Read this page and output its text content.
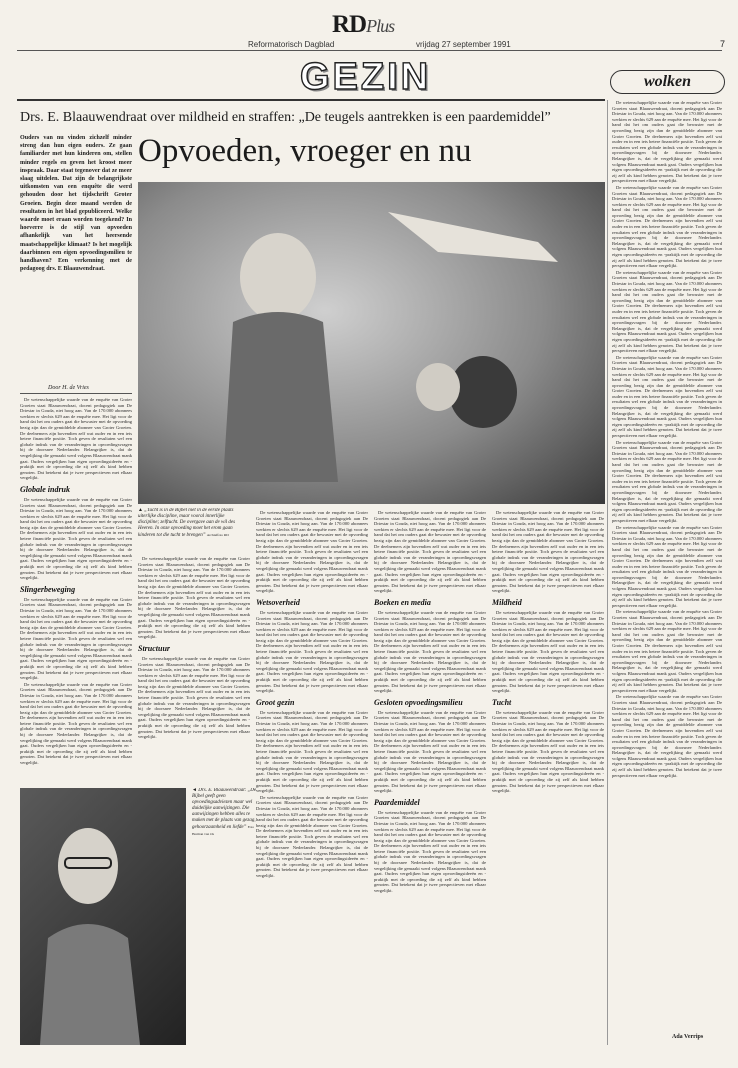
RDPlus
Reformatorisch Dagblad	vrijdag 27 september 1991	7
GEZIN	wolken
Drs. E. Blaauwendraat over mildheid en straffen: „De teugels aantrekken is een paardemiddel”
Ouders van nu vinden zichzelf minder streng dan hun eigen ouders. Ze gaan familiarder met hun kinderen om, stellen minder regels en geven het kroost meer inspraak. Daar staat tegenover dat ze meer slaag uitdelen. Dat zijn de belangrijkste uitkomsten van een enquête die werd gehouden door het tijdschrift Groter Groeien. Begin deze maand werden de resultaten in het blad gepubliceerd. Welke waarde moet eraan worden toegekend? In hoeverre is de stijl van opvoeden afhankelijk van het heersende maatschappelijke klimaat? Is het mogelijk daarbinnen een eigen opvoedingsmilieu te handhaven? Een verkenning met de pedagoog drs. E Blaauwendraat.
Door H. de Vries
Opvoeden, vroeger en nu
▲ „Tucht is in de Bijbel niet in de eerste plaats uiterlijke discipline, maar vooral innerlijke discipline; zelftucht. De overgave aan de wil des Heeren. In onze opvoeding moet het erom gaan kinderen tot die tucht te brengen” Archieffoto RD

De wetenschappelijke waarde van de enquête van Groter Groeien staat Blaauwendraat, docent pedagogiek aan De Driestar in Gouda, niet hoog aan. Van de 170.000 abonnees werkten er slechts 629 aan de enquête mee. Het ligt voor de hand dat het om ouders gaat die bewuster met de opvoeding bezig zijn dan de gemiddelde abonnee van Groter Groeien. De deelnemers zijn bovendien zelf wat ouder en in een iets betere financiële positie. Toch geven de resultaten wel een globale indruk van de veranderingen in opvoedingsvragen bij de doorsnee Nederlander. Belangrijker is, dat de vergelijking die gemaakt werd volgens Blaauwendraat mank gaat. Ouders vergelijken hun eigen opvoedingsideeën en -praktijk met de opvoeding die zij zelf als kind hebben genoten. Dat betekent dat je twee perspectieven met elkaar vergelijkt.

Globale indruk

De wetenschappelijke waarde van de enquête van Groter Groeien staat Blaauwendraat, docent pedagogiek aan De Driestar in Gouda, niet hoog aan. Van de 170.000 abonnees werkten er slechts 629 aan de enquête mee. Het ligt voor de hand dat het om ouders gaat die bewuster met de opvoeding bezig zijn dan de gemiddelde abonnee van Groter Groeien. De deelnemers zijn bovendien zelf wat ouder en in een iets betere financiële positie. Toch geven de resultaten wel een globale indruk van de veranderingen in opvoedingsvragen bij de doorsnee Nederlander. Belangrijker is, dat de vergelijking die gemaakt werd volgens Blaauwendraat mank gaat. Ouders vergelijken hun eigen opvoedingsideeën en -praktijk met de opvoeding die zij zelf als kind hebben genoten. Dat betekent dat je twee perspectieven met elkaar vergelijkt.

Slingerbeweging

De wetenschappelijke waarde van de enquête van Groter Groeien staat Blaauwendraat, docent pedagogiek aan De Driestar in Gouda, niet hoog aan. Van de 170.000 abonnees werkten er slechts 629 aan de enquête mee. Het ligt voor de hand dat het om ouders gaat die bewuster met de opvoeding bezig zijn dan de gemiddelde abonnee van Groter Groeien. De deelnemers zijn bovendien zelf wat ouder en in een iets betere financiële positie. Toch geven de resultaten wel een globale indruk van de veranderingen in opvoedingsvragen bij de doorsnee Nederlander. Belangrijker is, dat de vergelijking die gemaakt werd volgens Blaauwendraat mank gaat. Ouders vergelijken hun eigen opvoedingsideeën en -praktijk met de opvoeding die zij zelf als kind hebben genoten. Dat betekent dat je twee perspectieven met elkaar vergelijkt.

De wetenschappelijke waarde van de enquête van Groter Groeien staat Blaauwendraat, docent pedagogiek aan De Driestar in Gouda, niet hoog aan. Van de 170.000 abonnees werkten er slechts 629 aan de enquête mee. Het ligt voor de hand dat het om ouders gaat die bewuster met de opvoeding bezig zijn dan de gemiddelde abonnee van Groter Groeien. De deelnemers zijn bovendien zelf wat ouder en in een iets betere financiële positie. Toch geven de resultaten wel een globale indruk van de veranderingen in opvoedingsvragen bij de doorsnee Nederlander. Belangrijker is, dat de vergelijking die gemaakt werd volgens Blaauwendraat mank gaat. Ouders vergelijken hun eigen opvoedingsideeën en -praktijk met de opvoeding die zij zelf als kind hebben genoten. Dat betekent dat je twee perspectieven met elkaar vergelijkt.

◄ Drs. E. Blaauwendraat: „De Bijbel geeft geen opvoedingsadviezen maar wel duidelijke aanwijzingen. Die aanwijzingen hebben alles te maken met de plaats van gezag, gehoorzaamheid en liefde” Foto Herman van Os

De wetenschappelijke waarde van de enquête van Groter Groeien staat Blaauwendraat, docent pedagogiek aan De Driestar in Gouda, niet hoog aan. Van de 170.000 abonnees werkten er slechts 629 aan de enquête mee. Het ligt voor de hand dat het om ouders gaat die bewuster met de opvoeding bezig zijn dan de gemiddelde abonnee van Groter Groeien. De deelnemers zijn bovendien zelf wat ouder en in een iets betere financiële positie. Toch geven de resultaten wel een globale indruk van de veranderingen in opvoedingsvragen bij de doorsnee Nederlander. Belangrijker is, dat de vergelijking die gemaakt werd volgens Blaauwendraat mank gaat. Ouders vergelijken hun eigen opvoedingsideeën en -praktijk met de opvoeding die zij zelf als kind hebben genoten. Dat betekent dat je twee perspectieven met elkaar vergelijkt.

Structuur

De wetenschappelijke waarde van de enquête van Groter Groeien staat Blaauwendraat, docent pedagogiek aan De Driestar in Gouda, niet hoog aan. Van de 170.000 abonnees werkten er slechts 629 aan de enquête mee. Het ligt voor de hand dat het om ouders gaat die bewuster met de opvoeding bezig zijn dan de gemiddelde abonnee van Groter Groeien. De deelnemers zijn bovendien zelf wat ouder en in een iets betere financiële positie. Toch geven de resultaten wel een globale indruk van de veranderingen in opvoedingsvragen bij de doorsnee Nederlander. Belangrijker is, dat de vergelijking die gemaakt werd volgens Blaauwendraat mank gaat. Ouders vergelijken hun eigen opvoedingsideeën en -praktijk met de opvoeding die zij zelf als kind hebben genoten. Dat betekent dat je twee perspectieven met elkaar vergelijkt.

De wetenschappelijke waarde van de enquête van Groter Groeien staat Blaauwendraat, docent pedagogiek aan De Driestar in Gouda, niet hoog aan. Van de 170.000 abonnees werkten er slechts 629 aan de enquête mee. Het ligt voor de hand dat het om ouders gaat die bewuster met de opvoeding bezig zijn dan de gemiddelde abonnee van Groter Groeien. De deelnemers zijn bovendien zelf wat ouder en in een iets betere financiële positie. Toch geven de resultaten wel een globale indruk van de veranderingen in opvoedingsvragen bij de doorsnee Nederlander. Belangrijker is, dat de vergelijking die gemaakt werd volgens Blaauwendraat mank gaat. Ouders vergelijken hun eigen opvoedingsideeën en -praktijk met de opvoeding die zij zelf als kind hebben genoten. Dat betekent dat je twee perspectieven met elkaar vergelijkt.

Wetsoverheid

De wetenschappelijke waarde van de enquête van Groter Groeien staat Blaauwendraat, docent pedagogiek aan De Driestar in Gouda, niet hoog aan. Van de 170.000 abonnees werkten er slechts 629 aan de enquête mee. Het ligt voor de hand dat het om ouders gaat die bewuster met de opvoeding bezig zijn dan de gemiddelde abonnee van Groter Groeien. De deelnemers zijn bovendien zelf wat ouder en in een iets betere financiële positie. Toch geven de resultaten wel een globale indruk van de veranderingen in opvoedingsvragen bij de doorsnee Nederlander. Belangrijker is, dat de vergelijking die gemaakt werd volgens Blaauwendraat mank gaat. Ouders vergelijken hun eigen opvoedingsideeën en -praktijk met de opvoeding die zij zelf als kind hebben genoten. Dat betekent dat je twee perspectieven met elkaar vergelijkt.

Groot gezin

De wetenschappelijke waarde van de enquête van Groter Groeien staat Blaauwendraat, docent pedagogiek aan De Driestar in Gouda, niet hoog aan. Van de 170.000 abonnees werkten er slechts 629 aan de enquête mee. Het ligt voor de hand dat het om ouders gaat die bewuster met de opvoeding bezig zijn dan de gemiddelde abonnee van Groter Groeien. De deelnemers zijn bovendien zelf wat ouder en in een iets betere financiële positie. Toch geven de resultaten wel een globale indruk van de veranderingen in opvoedingsvragen bij de doorsnee Nederlander. Belangrijker is, dat de vergelijking die gemaakt werd volgens Blaauwendraat mank gaat. Ouders vergelijken hun eigen opvoedingsideeën en -praktijk met de opvoeding die zij zelf als kind hebben genoten. Dat betekent dat je twee perspectieven met elkaar vergelijkt.

De wetenschappelijke waarde van de enquête van Groter Groeien staat Blaauwendraat, docent pedagogiek aan De Driestar in Gouda, niet hoog aan. Van de 170.000 abonnees werkten er slechts 629 aan de enquête mee. Het ligt voor de hand dat het om ouders gaat die bewuster met de opvoeding bezig zijn dan de gemiddelde abonnee van Groter Groeien. De deelnemers zijn bovendien zelf wat ouder en in een iets betere financiële positie. Toch geven de resultaten wel een globale indruk van de veranderingen in opvoedingsvragen bij de doorsnee Nederlander. Belangrijker is, dat de vergelijking die gemaakt werd volgens Blaauwendraat mank gaat. Ouders vergelijken hun eigen opvoedingsideeën en -praktijk met de opvoeding die zij zelf als kind hebben genoten. Dat betekent dat je twee perspectieven met elkaar vergelijkt.

De wetenschappelijke waarde van de enquête van Groter Groeien staat Blaauwendraat, docent pedagogiek aan De Driestar in Gouda, niet hoog aan. Van de 170.000 abonnees werkten er slechts 629 aan de enquête mee. Het ligt voor de hand dat het om ouders gaat die bewuster met de opvoeding bezig zijn dan de gemiddelde abonnee van Groter Groeien. De deelnemers zijn bovendien zelf wat ouder en in een iets betere financiële positie. Toch geven de resultaten wel een globale indruk van de veranderingen in opvoedingsvragen bij de doorsnee Nederlander. Belangrijker is, dat de vergelijking die gemaakt werd volgens Blaauwendraat mank gaat. Ouders vergelijken hun eigen opvoedingsideeën en -praktijk met de opvoeding die zij zelf als kind hebben genoten. Dat betekent dat je twee perspectieven met elkaar vergelijkt.

Boeken en media

De wetenschappelijke waarde van de enquête van Groter Groeien staat Blaauwendraat, docent pedagogiek aan De Driestar in Gouda, niet hoog aan. Van de 170.000 abonnees werkten er slechts 629 aan de enquête mee. Het ligt voor de hand dat het om ouders gaat die bewuster met de opvoeding bezig zijn dan de gemiddelde abonnee van Groter Groeien. De deelnemers zijn bovendien zelf wat ouder en in een iets betere financiële positie. Toch geven de resultaten wel een globale indruk van de veranderingen in opvoedingsvragen bij de doorsnee Nederlander. Belangrijker is, dat de vergelijking die gemaakt werd volgens Blaauwendraat mank gaat. Ouders vergelijken hun eigen opvoedingsideeën en -praktijk met de opvoeding die zij zelf als kind hebben genoten. Dat betekent dat je twee perspectieven met elkaar vergelijkt.

Gesloten opvoedingsmilieu

De wetenschappelijke waarde van de enquête van Groter Groeien staat Blaauwendraat, docent pedagogiek aan De Driestar in Gouda, niet hoog aan. Van de 170.000 abonnees werkten er slechts 629 aan de enquête mee. Het ligt voor de hand dat het om ouders gaat die bewuster met de opvoeding bezig zijn dan de gemiddelde abonnee van Groter Groeien. De deelnemers zijn bovendien zelf wat ouder en in een iets betere financiële positie. Toch geven de resultaten wel een globale indruk van de veranderingen in opvoedingsvragen bij de doorsnee Nederlander. Belangrijker is, dat de vergelijking die gemaakt werd volgens Blaauwendraat mank gaat. Ouders vergelijken hun eigen opvoedingsideeën en -praktijk met de opvoeding die zij zelf als kind hebben genoten. Dat betekent dat je twee perspectieven met elkaar vergelijkt.

Paardemiddel

De wetenschappelijke waarde van de enquête van Groter Groeien staat Blaauwendraat, docent pedagogiek aan De Driestar in Gouda, niet hoog aan. Van de 170.000 abonnees werkten er slechts 629 aan de enquête mee. Het ligt voor de hand dat het om ouders gaat die bewuster met de opvoeding bezig zijn dan de gemiddelde abonnee van Groter Groeien. De deelnemers zijn bovendien zelf wat ouder en in een iets betere financiële positie. Toch geven de resultaten wel een globale indruk van de veranderingen in opvoedingsvragen bij de doorsnee Nederlander. Belangrijker is, dat de vergelijking die gemaakt werd volgens Blaauwendraat mank gaat. Ouders vergelijken hun eigen opvoedingsideeën en -praktijk met de opvoeding die zij zelf als kind hebben genoten. Dat betekent dat je twee perspectieven met elkaar vergelijkt.

De wetenschappelijke waarde van de enquête van Groter Groeien staat Blaauwendraat, docent pedagogiek aan De Driestar in Gouda, niet hoog aan. Van de 170.000 abonnees werkten er slechts 629 aan de enquête mee. Het ligt voor de hand dat het om ouders gaat die bewuster met de opvoeding bezig zijn dan de gemiddelde abonnee van Groter Groeien. De deelnemers zijn bovendien zelf wat ouder en in een iets betere financiële positie. Toch geven de resultaten wel een globale indruk van de veranderingen in opvoedingsvragen bij de doorsnee Nederlander. Belangrijker is, dat de vergelijking die gemaakt werd volgens Blaauwendraat mank gaat. Ouders vergelijken hun eigen opvoedingsideeën en -praktijk met de opvoeding die zij zelf als kind hebben genoten. Dat betekent dat je twee perspectieven met elkaar vergelijkt.

Mildheid

De wetenschappelijke waarde van de enquête van Groter Groeien staat Blaauwendraat, docent pedagogiek aan De Driestar in Gouda, niet hoog aan. Van de 170.000 abonnees werkten er slechts 629 aan de enquête mee. Het ligt voor de hand dat het om ouders gaat die bewuster met de opvoeding bezig zijn dan de gemiddelde abonnee van Groter Groeien. De deelnemers zijn bovendien zelf wat ouder en in een iets betere financiële positie. Toch geven de resultaten wel een globale indruk van de veranderingen in opvoedingsvragen bij de doorsnee Nederlander. Belangrijker is, dat de vergelijking die gemaakt werd volgens Blaauwendraat mank gaat. Ouders vergelijken hun eigen opvoedingsideeën en -praktijk met de opvoeding die zij zelf als kind hebben genoten. Dat betekent dat je twee perspectieven met elkaar vergelijkt.

Tucht

De wetenschappelijke waarde van de enquête van Groter Groeien staat Blaauwendraat, docent pedagogiek aan De Driestar in Gouda, niet hoog aan. Van de 170.000 abonnees werkten er slechts 629 aan de enquête mee. Het ligt voor de hand dat het om ouders gaat die bewuster met de opvoeding bezig zijn dan de gemiddelde abonnee van Groter Groeien. De deelnemers zijn bovendien zelf wat ouder en in een iets betere financiële positie. Toch geven de resultaten wel een globale indruk van de veranderingen in opvoedingsvragen bij de doorsnee Nederlander. Belangrijker is, dat de vergelijking die gemaakt werd volgens Blaauwendraat mank gaat. Ouders vergelijken hun eigen opvoedingsideeën en -praktijk met de opvoeding die zij zelf als kind hebben genoten. Dat betekent dat je twee perspectieven met elkaar vergelijkt.

De wetenschappelijke waarde van de enquête van Groter Groeien staat Blaauwendraat, docent pedagogiek aan De Driestar in Gouda, niet hoog aan. Van de 170.000 abonnees werkten er slechts 629 aan de enquête mee. Het ligt voor de hand dat het om ouders gaat die bewuster met de opvoeding bezig zijn dan de gemiddelde abonnee van Groter Groeien. De deelnemers zijn bovendien zelf wat ouder en in een iets betere financiële positie. Toch geven de resultaten wel een globale indruk van de veranderingen in opvoedingsvragen bij de doorsnee Nederlander. Belangrijker is, dat de vergelijking die gemaakt werd volgens Blaauwendraat mank gaat. Ouders vergelijken hun eigen opvoedingsideeën en -praktijk met de opvoeding die zij zelf als kind hebben genoten. Dat betekent dat je twee perspectieven met elkaar vergelijkt.

De wetenschappelijke waarde van de enquête van Groter Groeien staat Blaauwendraat, docent pedagogiek aan De Driestar in Gouda, niet hoog aan. Van de 170.000 abonnees werkten er slechts 629 aan de enquête mee. Het ligt voor de hand dat het om ouders gaat die bewuster met de opvoeding bezig zijn dan de gemiddelde abonnee van Groter Groeien. De deelnemers zijn bovendien zelf wat ouder en in een iets betere financiële positie. Toch geven de resultaten wel een globale indruk van de veranderingen in opvoedingsvragen bij de doorsnee Nederlander. Belangrijker is, dat de vergelijking die gemaakt werd volgens Blaauwendraat mank gaat. Ouders vergelijken hun eigen opvoedingsideeën en -praktijk met de opvoeding die zij zelf als kind hebben genoten. Dat betekent dat je twee perspectieven met elkaar vergelijkt.

De wetenschappelijke waarde van de enquête van Groter Groeien staat Blaauwendraat, docent pedagogiek aan De Driestar in Gouda, niet hoog aan. Van de 170.000 abonnees werkten er slechts 629 aan de enquête mee. Het ligt voor de hand dat het om ouders gaat die bewuster met de opvoeding bezig zijn dan de gemiddelde abonnee van Groter Groeien. De deelnemers zijn bovendien zelf wat ouder en in een iets betere financiële positie. Toch geven de resultaten wel een globale indruk van de veranderingen in opvoedingsvragen bij de doorsnee Nederlander. Belangrijker is, dat de vergelijking die gemaakt werd volgens Blaauwendraat mank gaat. Ouders vergelijken hun eigen opvoedingsideeën en -praktijk met de opvoeding die zij zelf als kind hebben genoten. Dat betekent dat je twee perspectieven met elkaar vergelijkt.

De wetenschappelijke waarde van de enquête van Groter Groeien staat Blaauwendraat, docent pedagogiek aan De Driestar in Gouda, niet hoog aan. Van de 170.000 abonnees werkten er slechts 629 aan de enquête mee. Het ligt voor de hand dat het om ouders gaat die bewuster met de opvoeding bezig zijn dan de gemiddelde abonnee van Groter Groeien. De deelnemers zijn bovendien zelf wat ouder en in een iets betere financiële positie. Toch geven de resultaten wel een globale indruk van de veranderingen in opvoedingsvragen bij de doorsnee Nederlander. Belangrijker is, dat de vergelijking die gemaakt werd volgens Blaauwendraat mank gaat. Ouders vergelijken hun eigen opvoedingsideeën en -praktijk met de opvoeding die zij zelf als kind hebben genoten. Dat betekent dat je twee perspectieven met elkaar vergelijkt.

De wetenschappelijke waarde van de enquête van Groter Groeien staat Blaauwendraat, docent pedagogiek aan De Driestar in Gouda, niet hoog aan. Van de 170.000 abonnees werkten er slechts 629 aan de enquête mee. Het ligt voor de hand dat het om ouders gaat die bewuster met de opvoeding bezig zijn dan de gemiddelde abonnee van Groter Groeien. De deelnemers zijn bovendien zelf wat ouder en in een iets betere financiële positie. Toch geven de resultaten wel een globale indruk van de veranderingen in opvoedingsvragen bij de doorsnee Nederlander. Belangrijker is, dat de vergelijking die gemaakt werd volgens Blaauwendraat mank gaat. Ouders vergelijken hun eigen opvoedingsideeën en -praktijk met de opvoeding die zij zelf als kind hebben genoten. Dat betekent dat je twee perspectieven met elkaar vergelijkt.

De wetenschappelijke waarde van de enquête van Groter Groeien staat Blaauwendraat, docent pedagogiek aan De Driestar in Gouda, niet hoog aan. Van de 170.000 abonnees werkten er slechts 629 aan de enquête mee. Het ligt voor de hand dat het om ouders gaat die bewuster met de opvoeding bezig zijn dan de gemiddelde abonnee van Groter Groeien. De deelnemers zijn bovendien zelf wat ouder en in een iets betere financiële positie. Toch geven de resultaten wel een globale indruk van de veranderingen in opvoedingsvragen bij de doorsnee Nederlander. Belangrijker is, dat de vergelijking die gemaakt werd volgens Blaauwendraat mank gaat. Ouders vergelijken hun eigen opvoedingsideeën en -praktijk met de opvoeding die zij zelf als kind hebben genoten. Dat betekent dat je twee perspectieven met elkaar vergelijkt.

De wetenschappelijke waarde van de enquête van Groter Groeien staat Blaauwendraat, docent pedagogiek aan De Driestar in Gouda, niet hoog aan. Van de 170.000 abonnees werkten er slechts 629 aan de enquête mee. Het ligt voor de hand dat het om ouders gaat die bewuster met de opvoeding bezig zijn dan de gemiddelde abonnee van Groter Groeien. De deelnemers zijn bovendien zelf wat ouder en in een iets betere financiële positie. Toch geven de resultaten wel een globale indruk van de veranderingen in opvoedingsvragen bij de doorsnee Nederlander. Belangrijker is, dat de vergelijking die gemaakt werd volgens Blaauwendraat mank gaat. Ouders vergelijken hun eigen opvoedingsideeën en -praktijk met de opvoeding die zij zelf als kind hebben genoten. Dat betekent dat je twee perspectieven met elkaar vergelijkt.

De wetenschappelijke waarde van de enquête van Groter Groeien staat Blaauwendraat, docent pedagogiek aan De Driestar in Gouda, niet hoog aan. Van de 170.000 abonnees werkten er slechts 629 aan de enquête mee. Het ligt voor de hand dat het om ouders gaat die bewuster met de opvoeding bezig zijn dan de gemiddelde abonnee van Groter Groeien. De deelnemers zijn bovendien zelf wat ouder en in een iets betere financiële positie. Toch geven de resultaten wel een globale indruk van de veranderingen in opvoedingsvragen bij de doorsnee Nederlander. Belangrijker is, dat de vergelijking die gemaakt werd volgens Blaauwendraat mank gaat. Ouders vergelijken hun eigen opvoedingsideeën en -praktijk met de opvoeding die zij zelf als kind hebben genoten. Dat betekent dat je twee perspectieven met elkaar vergelijkt.

Ada Verrips
